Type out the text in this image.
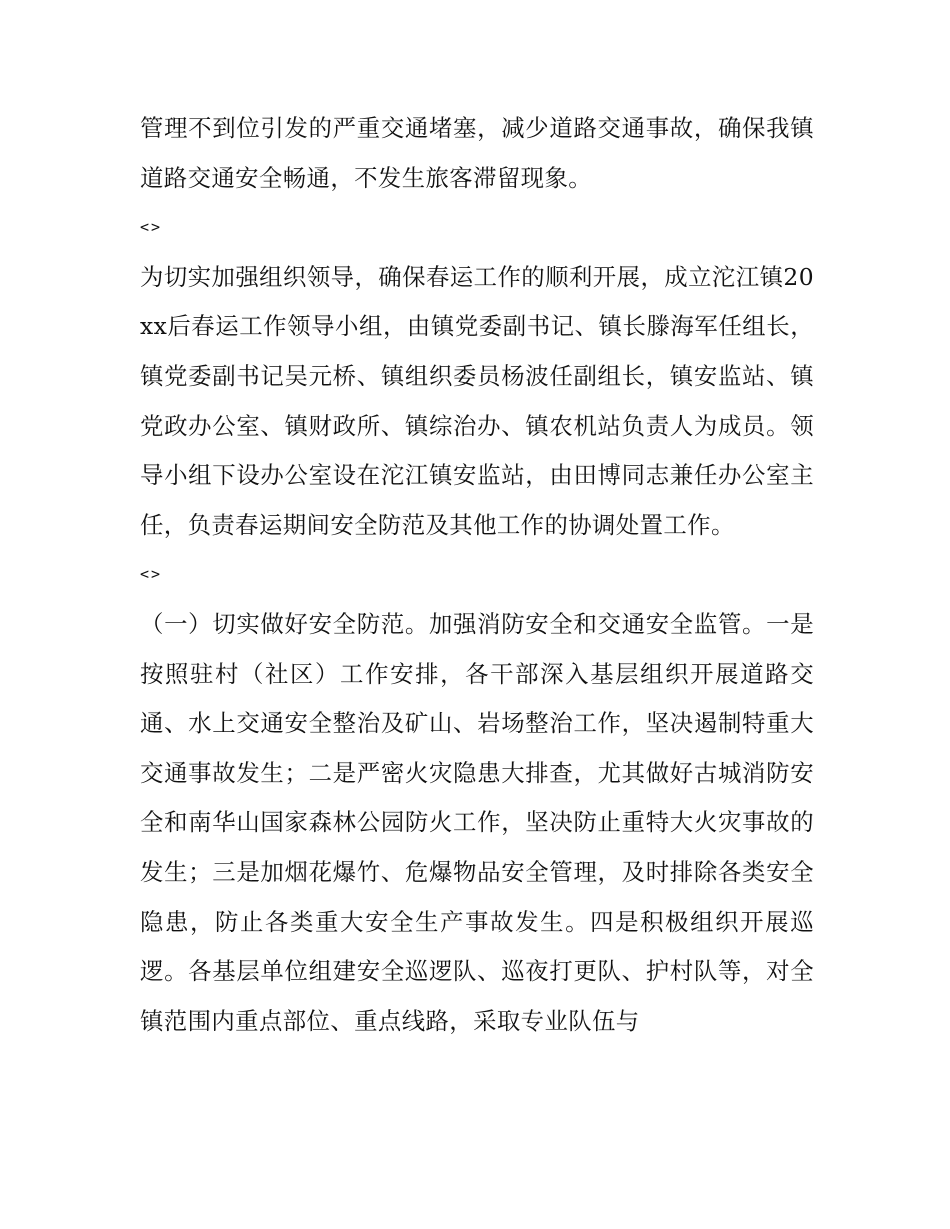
管理不到位引发的严重交通堵塞，减少道路交通事故，确保我镇道路交通安全畅通，不发生旅客滞留现象。

<>

为切实加强组织领导，确保春运工作的顺利开展，成立沱江镇20xx后春运工作领导小组，由镇党委副书记、镇长滕海军任组长，镇党委副书记吴元桥、镇组织委员杨波任副组长，镇安监站、镇党政办公室、镇财政所、镇综治办、镇农机站负责人为成员。领导小组下设办公室设在沱江镇安监站，由田博同志兼任办公室主任，负责春运期间安全防范及其他工作的协调处置工作。

<>

（一）切实做好安全防范。加强消防安全和交通安全监管。一是按照驻村（社区）工作安排，各干部深入基层组织开展道路交通、水上交通安全整治及矿山、岩场整治工作，坚决遏制特重大交通事故发生；二是严密火灾隐患大排查，尤其做好古城消防安全和南华山国家森林公园防火工作，坚决防止重特大火灾事故的发生；三是加烟花爆竹、危爆物品安全管理，及时排除各类安全隐患，防止各类重大安全生产事故发生。四是积极组织开展巡逻。各基层单位组建安全巡逻队、巡夜打更队、护村队等，对全镇范围内重点部位、重点线路，采取专业队伍与
